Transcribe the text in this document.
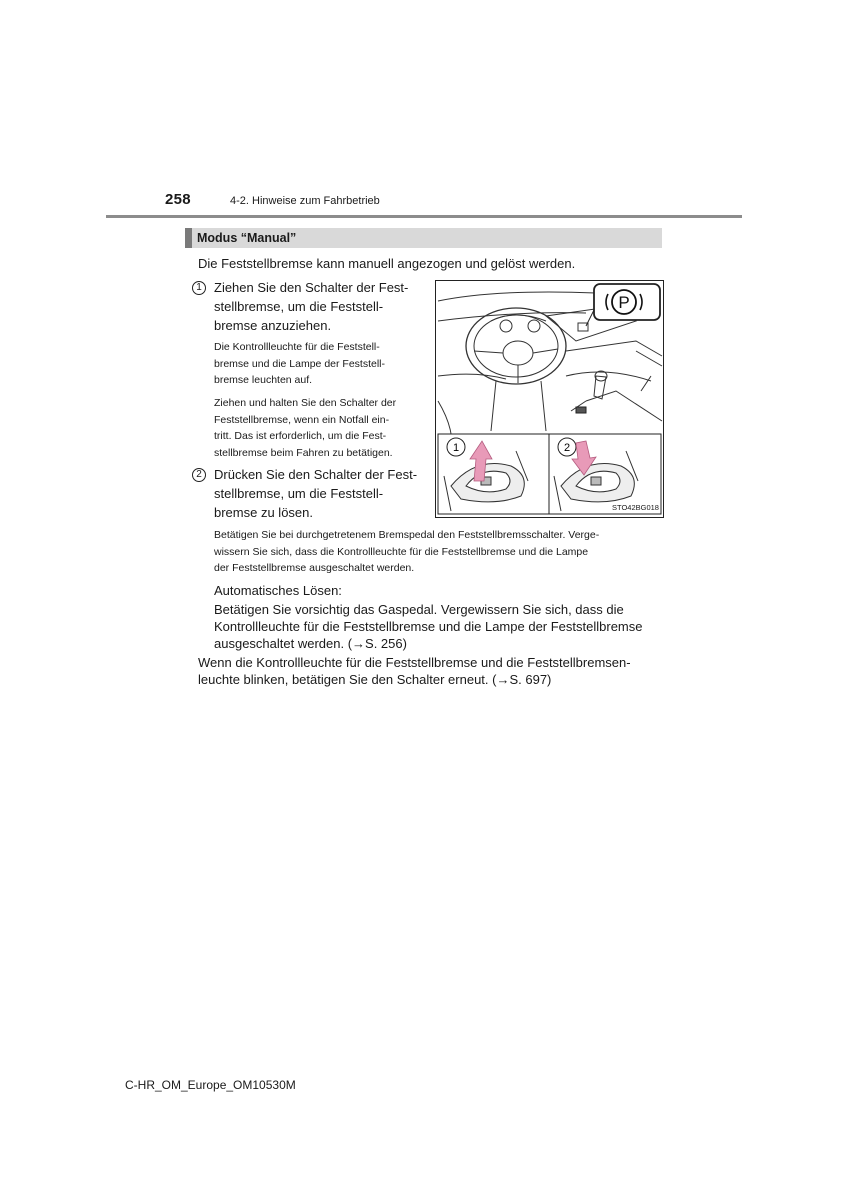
258	4-2. Hinweise zum Fahrbetrieb
Modus “Manual”
Die Feststellbremse kann manuell angezogen und gelöst werden.
1 Ziehen Sie den Schalter der Fest-
stellbremse, um die Feststell-
bremse anzuziehen.
Die Kontrollleuchte für die Feststell-
bremse und die Lampe der Feststell-
bremse leuchten auf.
Ziehen und halten Sie den Schalter der
Feststellbremse, wenn ein Notfall ein-
tritt. Das ist erforderlich, um die Fest-
stellbremse beim Fahren zu betätigen.
2 Drücken Sie den Schalter der Fest-
stellbremse, um die Feststell-
bremse zu lösen.
Betätigen Sie bei durchgetretenem Bremspedal den Feststellbremsschalter. Verge-
wissern Sie sich, dass die Kontrollleuchte für die Feststellbremse und die Lampe
der Feststellbremse ausgeschaltet werden.
Automatisches Lösen:
Betätigen Sie vorsichtig das Gaspedal. Vergewissern Sie sich, dass die
Kontrollleuchte für die Feststellbremse und die Lampe der Feststellbremse
ausgeschaltet werden. (→S. 256)
Wenn die Kontrollleuchte für die Feststellbremse und die Feststellbremsen-
leuchte blinken, betätigen Sie den Schalter erneut. (→S. 697)
P
1	2
STO42BG018
C-HR_OM_Europe_OM10530M
